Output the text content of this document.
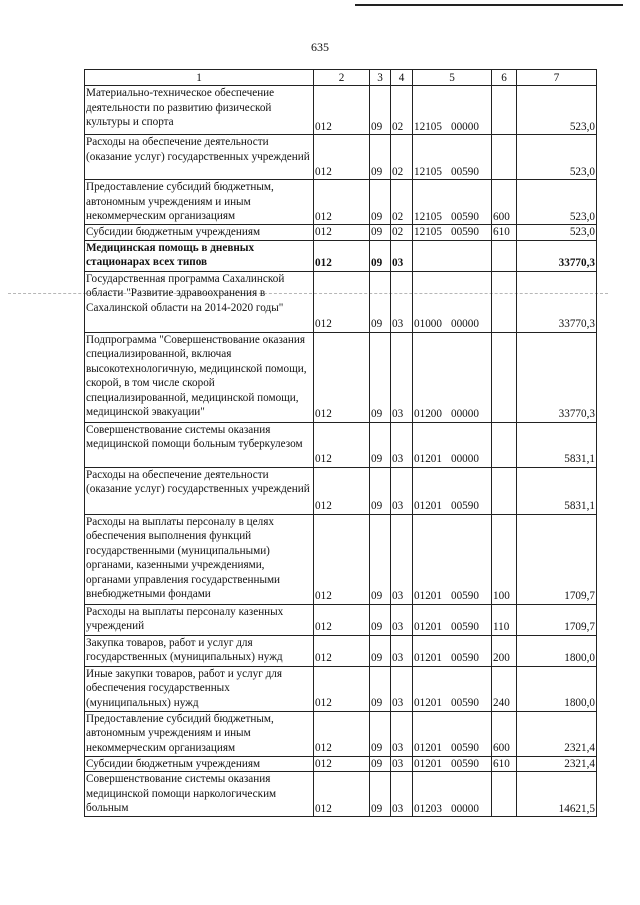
635
1	2	3	4	5	6	7
Материально-техническое обеспечение деятельности по развитию физической культуры и спорта	012	09	02	12105 00000		523,0
Расходы на обеспечение деятельности (оказание услуг) государственных учреждений	012	09	02	12105 00590		523,0
Предоставление субсидий бюджетным, автономным учреждениям и иным некоммерческим организациям	012	09	02	12105 00590	600	523,0
Субсидии бюджетным учреждениям	012	09	02	12105 00590	610	523,0
Медицинская помощь в дневных стационарах всех типов	012	09	03			33770,3
Государственная программа Сахалинской области "Развитие здравоохранения в Сахалинской области на 2014-2020 годы"	012	09	03	01000 00000		33770,3
Подпрограмма "Совершенствование оказания специализированной, включая высокотехнологичную, медицинской помощи, скорой, в том числе скорой специализированной, медицинской помощи, медицинской эвакуации"	012	09	03	01200 00000		33770,3
Совершенствование системы оказания медицинской помощи больным туберкулезом	012	09	03	01201 00000		5831,1
Расходы на обеспечение деятельности (оказание услуг) государственных учреждений	012	09	03	01201 00590		5831,1
Расходы на выплаты персоналу в целях обеспечения выполнения функций государственными (муниципальными) органами, казенными учреждениями, органами управления государственными внебюджетными фондами	012	09	03	01201 00590	100	1709,7
Расходы на выплаты персоналу казенных учреждений	012	09	03	01201 00590	110	1709,7
Закупка товаров, работ и услуг для государственных (муниципальных) нужд	012	09	03	01201 00590	200	1800,0
Иные закупки товаров, работ и услуг для обеспечения государственных (муниципальных) нужд	012	09	03	01201 00590	240	1800,0
Предоставление субсидий бюджетным, автономным учреждениям и иным некоммерческим организациям	012	09	03	01201 00590	600	2321,4
Субсидии бюджетным учреждениям	012	09	03	01201 00590	610	2321,4
Совершенствование системы оказания медицинской помощи наркологическим больным	012	09	03	01203 00000		14621,5
